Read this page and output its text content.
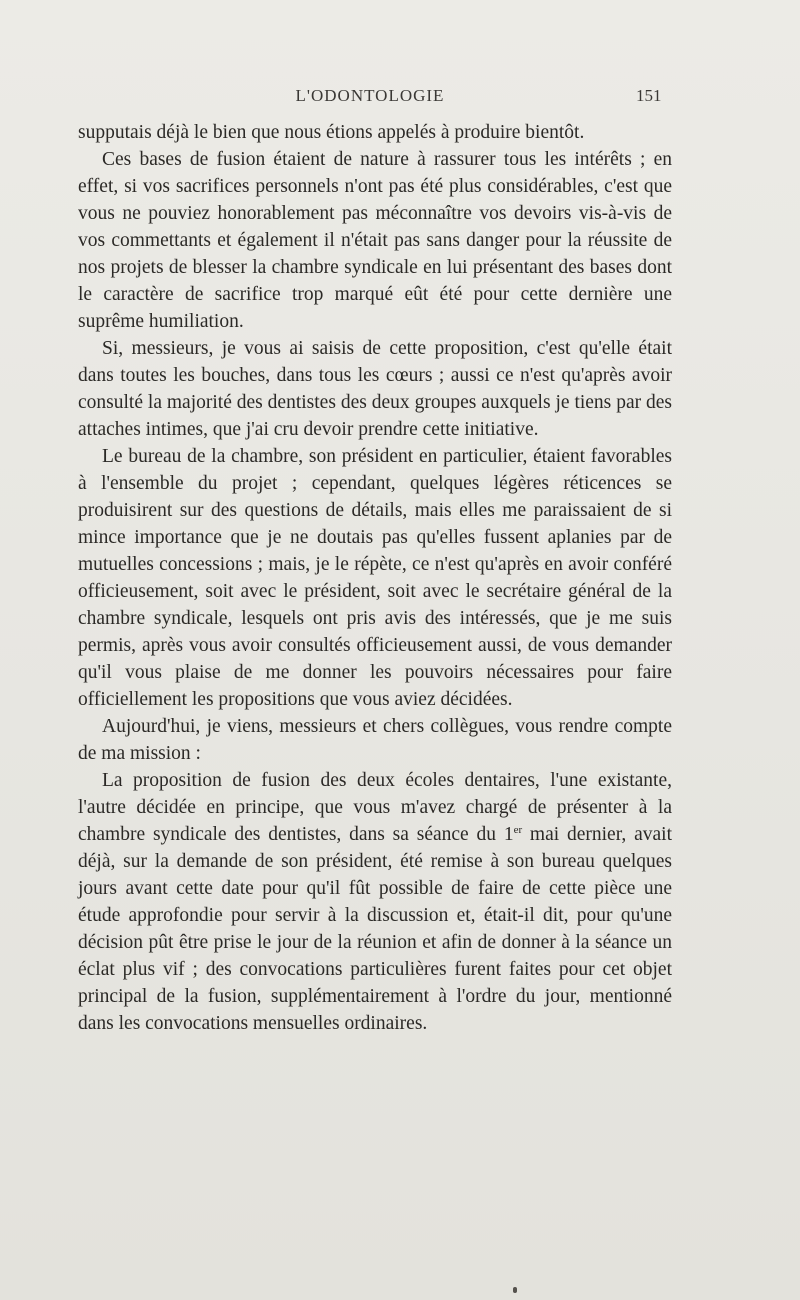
L'ODONTOLOGIE	151

supputais déjà le bien que nous étions appelés à produire bientôt.

Ces bases de fusion étaient de nature à rassurer tous les intérêts ; en effet, si vos sacrifices personnels n'ont pas été plus considérables, c'est que vous ne pouviez honorablement pas méconnaître vos devoirs vis-à-vis de vos commettants et également il n'était pas sans danger pour la réussite de nos projets de blesser la chambre syndicale en lui présentant des bases dont le caractère de sacrifice trop marqué eût été pour cette dernière une suprême humiliation.

Si, messieurs, je vous ai saisis de cette proposition, c'est qu'elle était dans toutes les bouches, dans tous les cœurs ; aussi ce n'est qu'après avoir consulté la majorité des dentistes des deux groupes auxquels je tiens par des attaches intimes, que j'ai cru devoir prendre cette initiative.

Le bureau de la chambre, son président en particulier, étaient favorables à l'ensemble du projet ; cependant, quelques légères réticences se produisirent sur des questions de détails, mais elles me paraissaient de si mince importance que je ne doutais pas qu'elles fussent aplanies par de mutuelles concessions ; mais, je le répète, ce n'est qu'après en avoir conféré officieusement, soit avec le président, soit avec le secrétaire général de la chambre syndicale, lesquels ont pris avis des intéressés, que je me suis permis, après vous avoir consultés officieusement aussi, de vous demander qu'il vous plaise de me donner les pouvoirs nécessaires pour faire officiellement les propositions que vous aviez décidées.

Aujourd'hui, je viens, messieurs et chers collègues, vous rendre compte de ma mission :

La proposition de fusion des deux écoles dentaires, l'une existante, l'autre décidée en principe, que vous m'avez chargé de présenter à la chambre syndicale des dentistes, dans sa séance du 1er mai dernier, avait déjà, sur la demande de son président, été remise à son bureau quelques jours avant cette date pour qu'il fût possible de faire de cette pièce une étude approfondie pour servir à la discussion et, était-il dit, pour qu'une décision pût être prise le jour de la réunion et afin de donner à la séance un éclat plus vif ; des convocations particulières furent faites pour cet objet principal de la fusion, supplémentairement à l'ordre du jour, mentionné dans les convocations mensuelles ordinaires.
